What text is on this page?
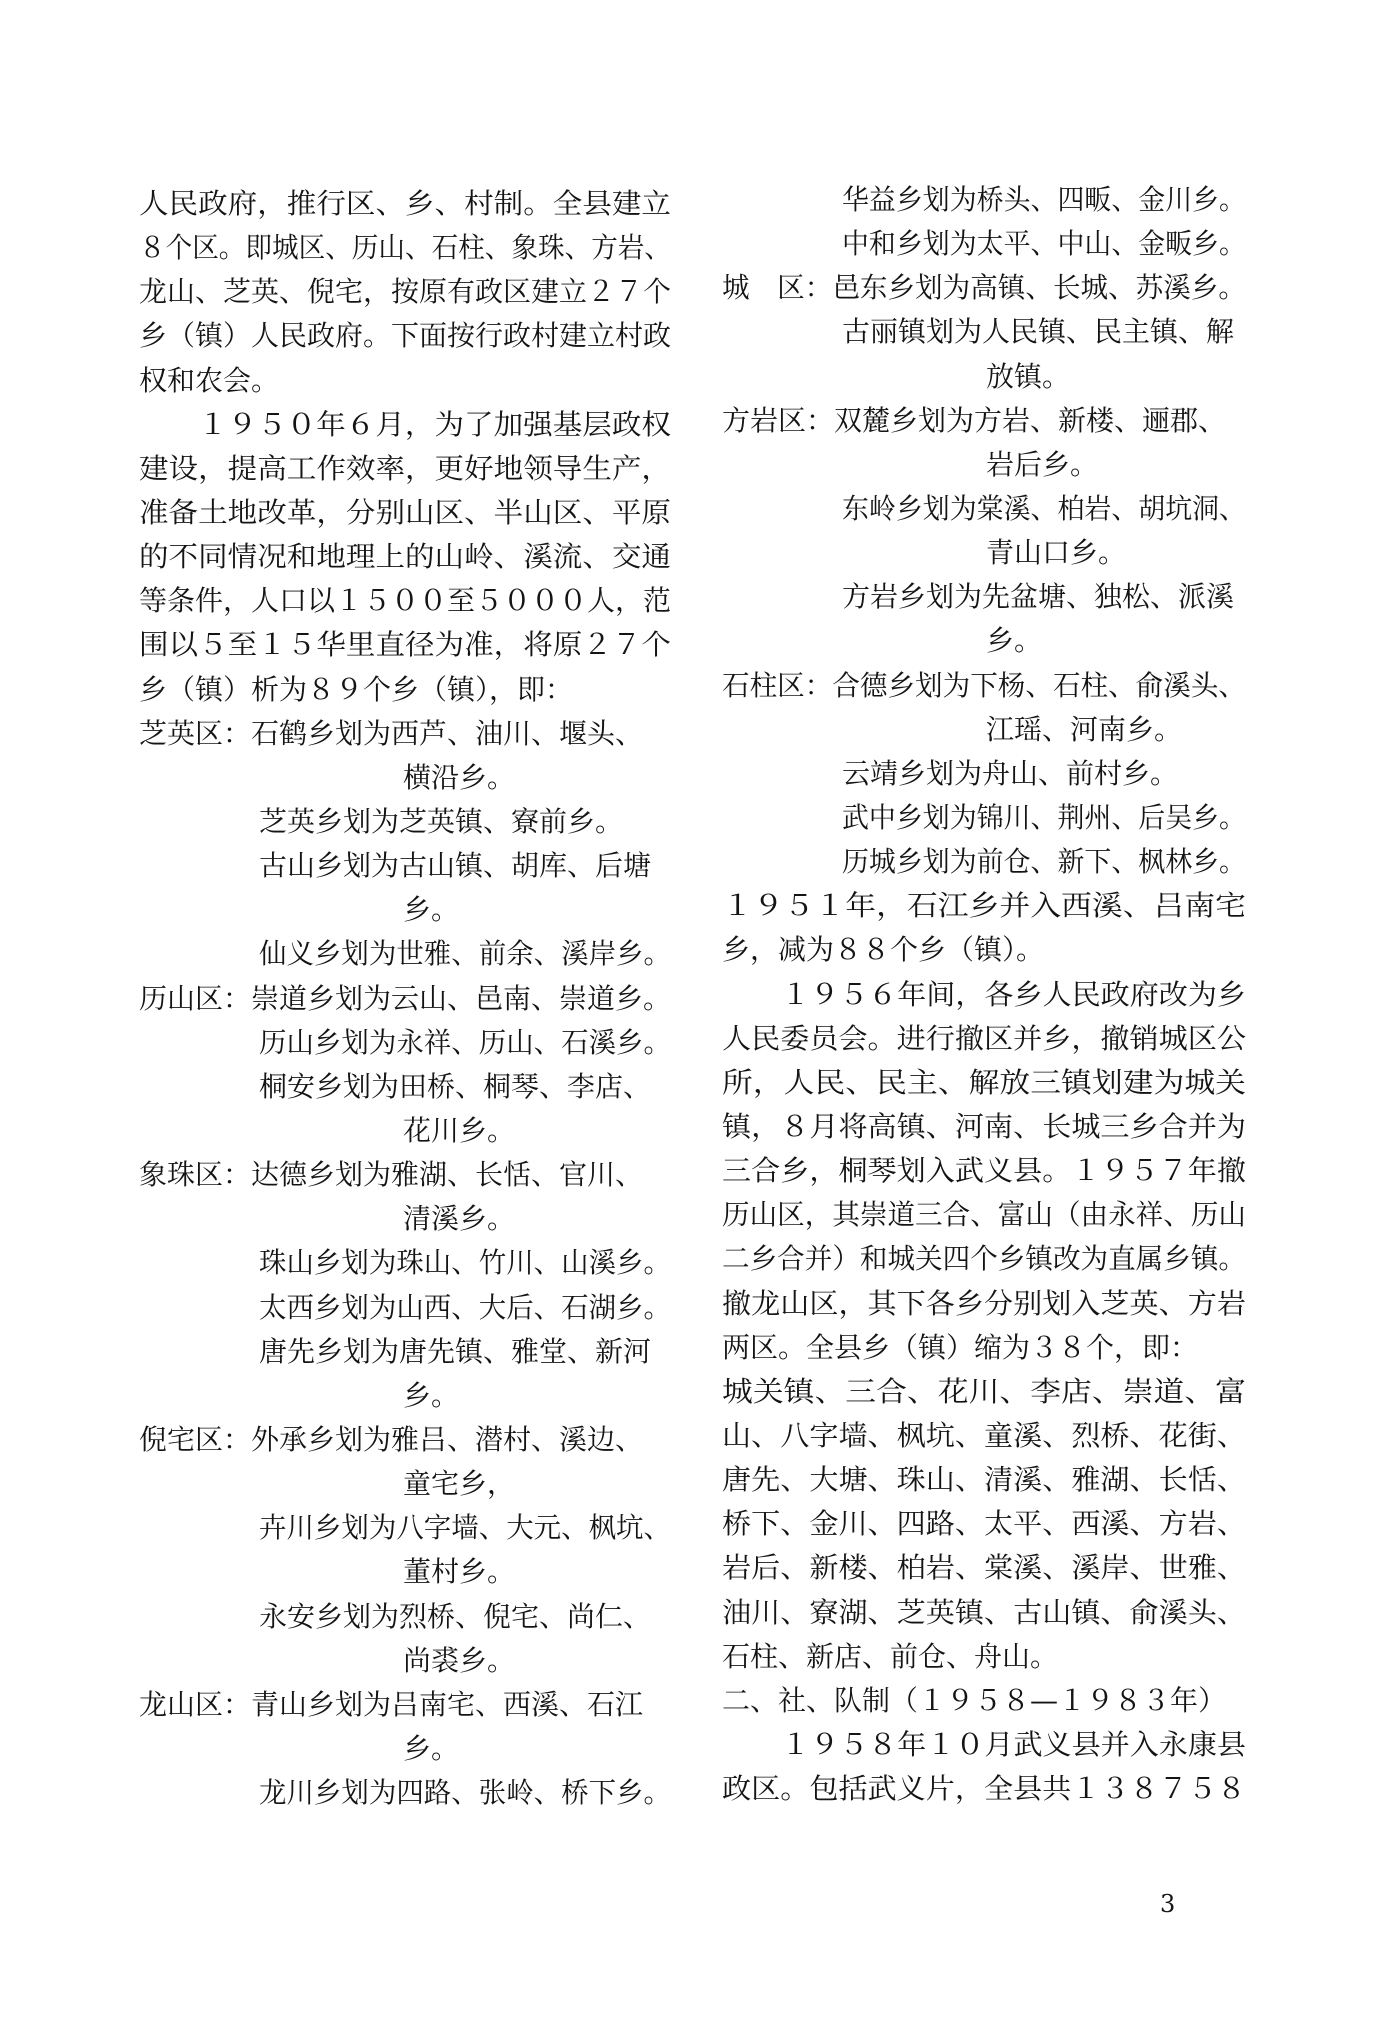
人民政府，推行区、乡、村制。全县建立
８个区。即城区、历山、石柱、象珠、方岩、
龙山、芝英、倪宅，按原有政区建立２７个
乡（镇）人民政府。下面按行政村建立村政
权和农会。
１９５０年６月，为了加强基层政权
建设，提高工作效率，更好地领导生产，
准备土地改革，分别山区、半山区、平原
的不同情况和地理上的山岭、溪流、交通
等条件，人口以１５００至５０００人，范
围以５至１５华里直径为准，将原２７个
乡（镇）析为８９个乡（镇），即：
芝英区：石鹤乡划为西芦、油川、堰头、
横沿乡。
芝英乡划为芝英镇、寮前乡。
古山乡划为古山镇、胡库、后塘
乡。
仙义乡划为世雅、前余、溪岸乡。
历山区：崇道乡划为云山、邑南、崇道乡。
历山乡划为永祥、历山、石溪乡。
桐安乡划为田桥、桐琴、李店、
花川乡。
象珠区：达德乡划为雅湖、长恬、官川、
清溪乡。
珠山乡划为珠山、竹川、山溪乡。
太西乡划为山西、大后、石湖乡。
唐先乡划为唐先镇、雅堂、新河
乡。
倪宅区：外承乡划为雅吕、潜村、溪边、
童宅乡，
卉川乡划为八字墙、大元、枫坑、
董村乡。
永安乡划为烈桥、倪宅、尚仁、
尚裘乡。
龙山区：青山乡划为吕南宅、西溪、石江
乡。
龙川乡划为四路、张岭、桥下乡。
华益乡划为桥头、四畈、金川乡。
中和乡划为太平、中山、金畈乡。
城　区：邑东乡划为高镇、长城、苏溪乡。
古丽镇划为人民镇、民主镇、解
放镇。
方岩区：双麓乡划为方岩、新楼、逦郡、
岩后乡。
东岭乡划为棠溪、柏岩、胡坑洞、
青山口乡。
方岩乡划为先盆塘、独松、派溪
乡。
石柱区：合德乡划为下杨、石柱、俞溪头、
江瑶、河南乡。
云靖乡划为舟山、前村乡。
武中乡划为锦川、荆州、后吴乡。
历城乡划为前仓、新下、枫林乡。
１９５１年，石江乡并入西溪、吕南宅
乡，减为８８个乡（镇）。
１９５６年间，各乡人民政府改为乡
人民委员会。进行撤区并乡，撤销城区公
所，人民、民主、解放三镇划建为城关
镇，８月将高镇、河南、长城三乡合并为
三合乡，桐琴划入武义县。１９５７年撤
历山区，其崇道三合、富山（由永祥、历山
二乡合并）和城关四个乡镇改为直属乡镇。
撤龙山区，其下各乡分别划入芝英、方岩
两区。全县乡（镇）缩为３８个，即：
城关镇、三合、花川、李店、崇道、富
山、八字墙、枫坑、童溪、烈桥、花街、
唐先、大塘、珠山、清溪、雅湖、长恬、
桥下、金川、四路、太平、西溪、方岩、
岩后、新楼、柏岩、棠溪、溪岸、世雅、
油川、寮湖、芝英镇、古山镇、俞溪头、
石柱、新店、前仓、舟山。
二、社、队制（１９５８—１９８３年）
１９５８年１０月武义县并入永康县
政区。包括武义片，全县共１３８７５８
3
